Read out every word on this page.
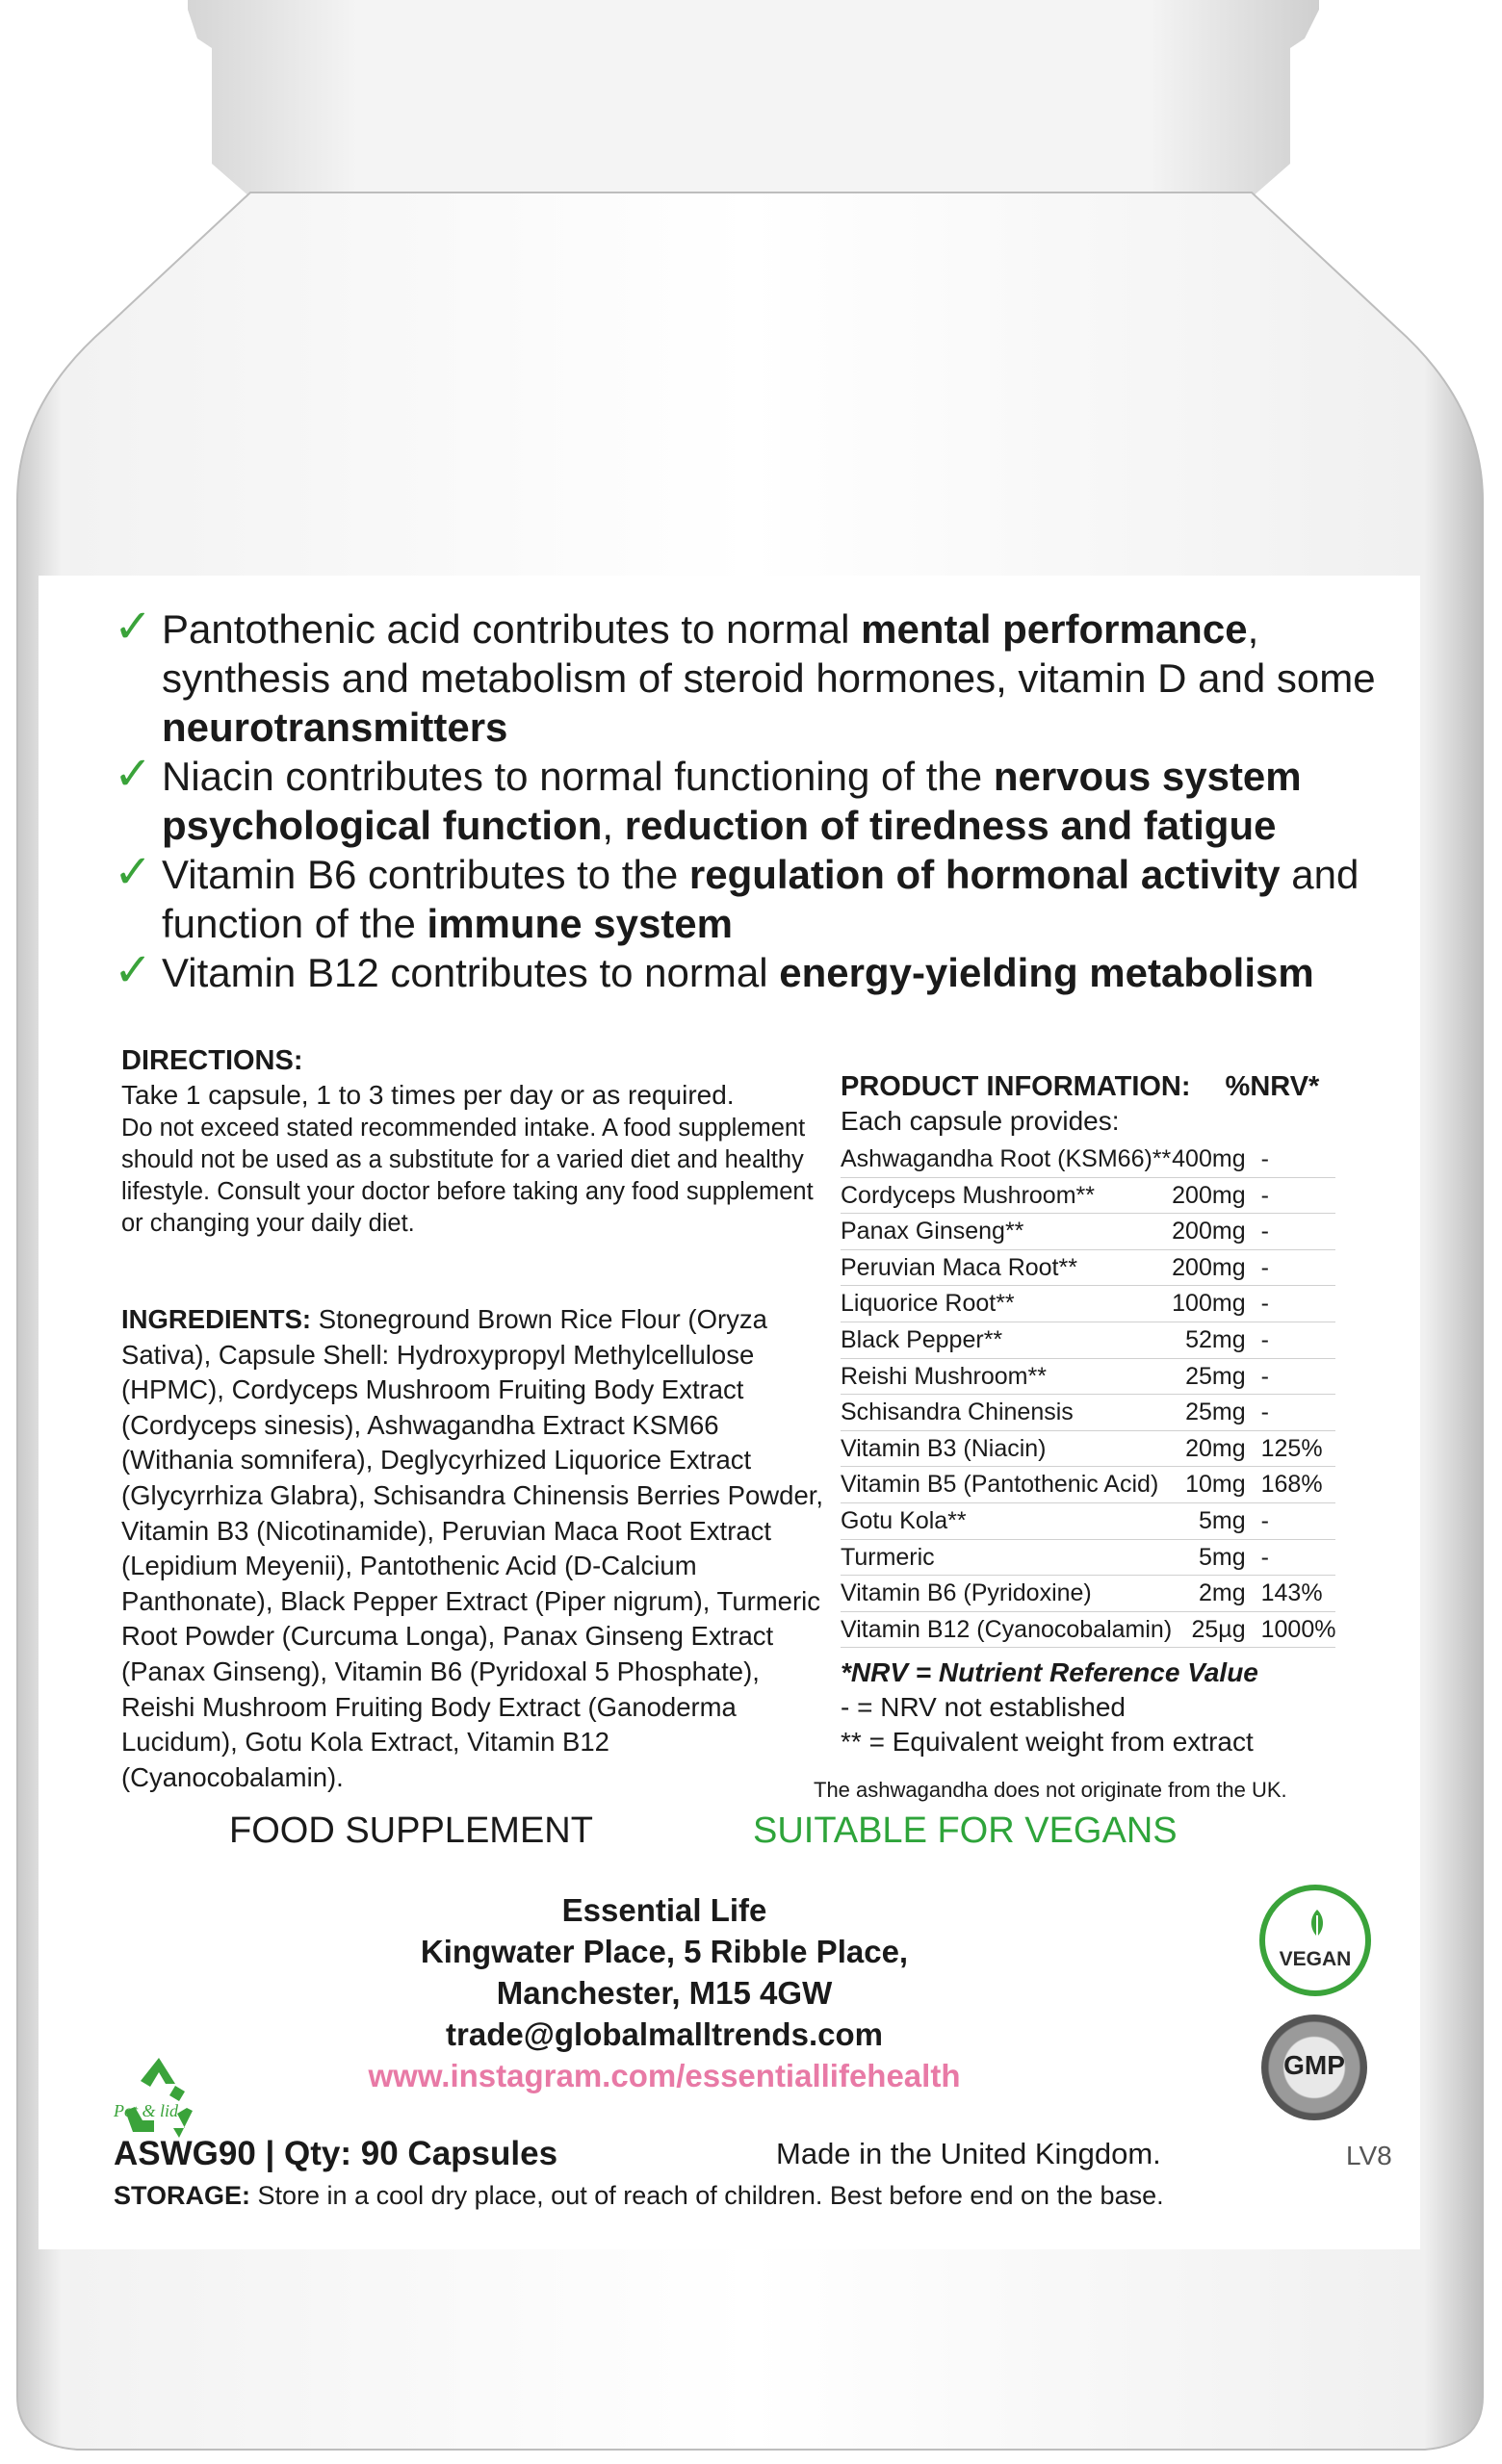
✓ Pantothenic acid contributes to normal mental performance, synthesis and metabolism of steroid hormones, vitamin D and some neurotransmitters
✓ Niacin contributes to normal functioning of the nervous system psychological function, reduction of tiredness and fatigue
✓ Vitamin B6 contributes to the regulation of hormonal activity and function of the immune system
✓ Vitamin B12 contributes to normal energy-yielding metabolism
DIRECTIONS:
Take 1 capsule, 1 to 3 times per day or as required.
Do not exceed stated recommended intake. A food supplement should not be used as a substitute for a varied diet and healthy lifestyle. Consult your doctor before taking any food supplement or changing your daily diet.
INGREDIENTS: Stoneground Brown Rice Flour (Oryza Sativa), Capsule Shell: Hydroxypropyl Methylcellulose (HPMC), Cordyceps Mushroom Fruiting Body Extract (Cordyceps sinesis), Ashwagandha Extract KSM66 (Withania somnifera), Deglycyrhized Liquorice Extract (Glycyrrhiza Glabra), Schisandra Chinensis Berries Powder, Vitamin B3 (Nicotinamide), Peruvian Maca Root Extract (Lepidium Meyenii), Pantothenic Acid (D-Calcium Panthonate), Black Pepper Extract (Piper nigrum), Turmeric Root Powder (Curcuma Longa), Panax Ginseng Extract (Panax Ginseng), Vitamin B6 (Pyridoxal 5 Phosphate), Reishi Mushroom Fruiting Body Extract (Ganoderma Lucidum), Gotu Kola Extract, Vitamin B12 (Cyanocobalamin).
PRODUCT INFORMATION: %NRV*
Each capsule provides:
Ashwagandha Root (KSM66)**	400mg	-
Cordyceps Mushroom**	200mg	-
Panax Ginseng**	200mg	-
Peruvian Maca Root**	200mg	-
Liquorice Root**	100mg	-
Black Pepper**	52mg	-
Reishi Mushroom**	25mg	-
Schisandra Chinensis	25mg	-
Vitamin B3 (Niacin)	20mg	125%
Vitamin B5 (Pantothenic Acid)	10mg	168%
Gotu Kola**	5mg	-
Turmeric	5mg	-
Vitamin B6 (Pyridoxine)	2mg	143%
Vitamin B12 (Cyanocobalamin)	25µg	1000%
*NRV = Nutrient Reference Value
- = NRV not established
** = Equivalent weight from extract
The ashwagandha does not originate from the UK.
FOOD SUPPLEMENT	SUITABLE FOR VEGANS
Essential Life
Kingwater Place, 5 Ribble Place,
Manchester, M15 4GW
trade@globalmalltrends.com
www.instagram.com/essentiallifehealth
Pot & lid
VEGAN
GMP
ASWG90 | Qty: 90 Capsules	Made in the United Kingdom.	LV8
STORAGE: Store in a cool dry place, out of reach of children. Best before end on the base.
